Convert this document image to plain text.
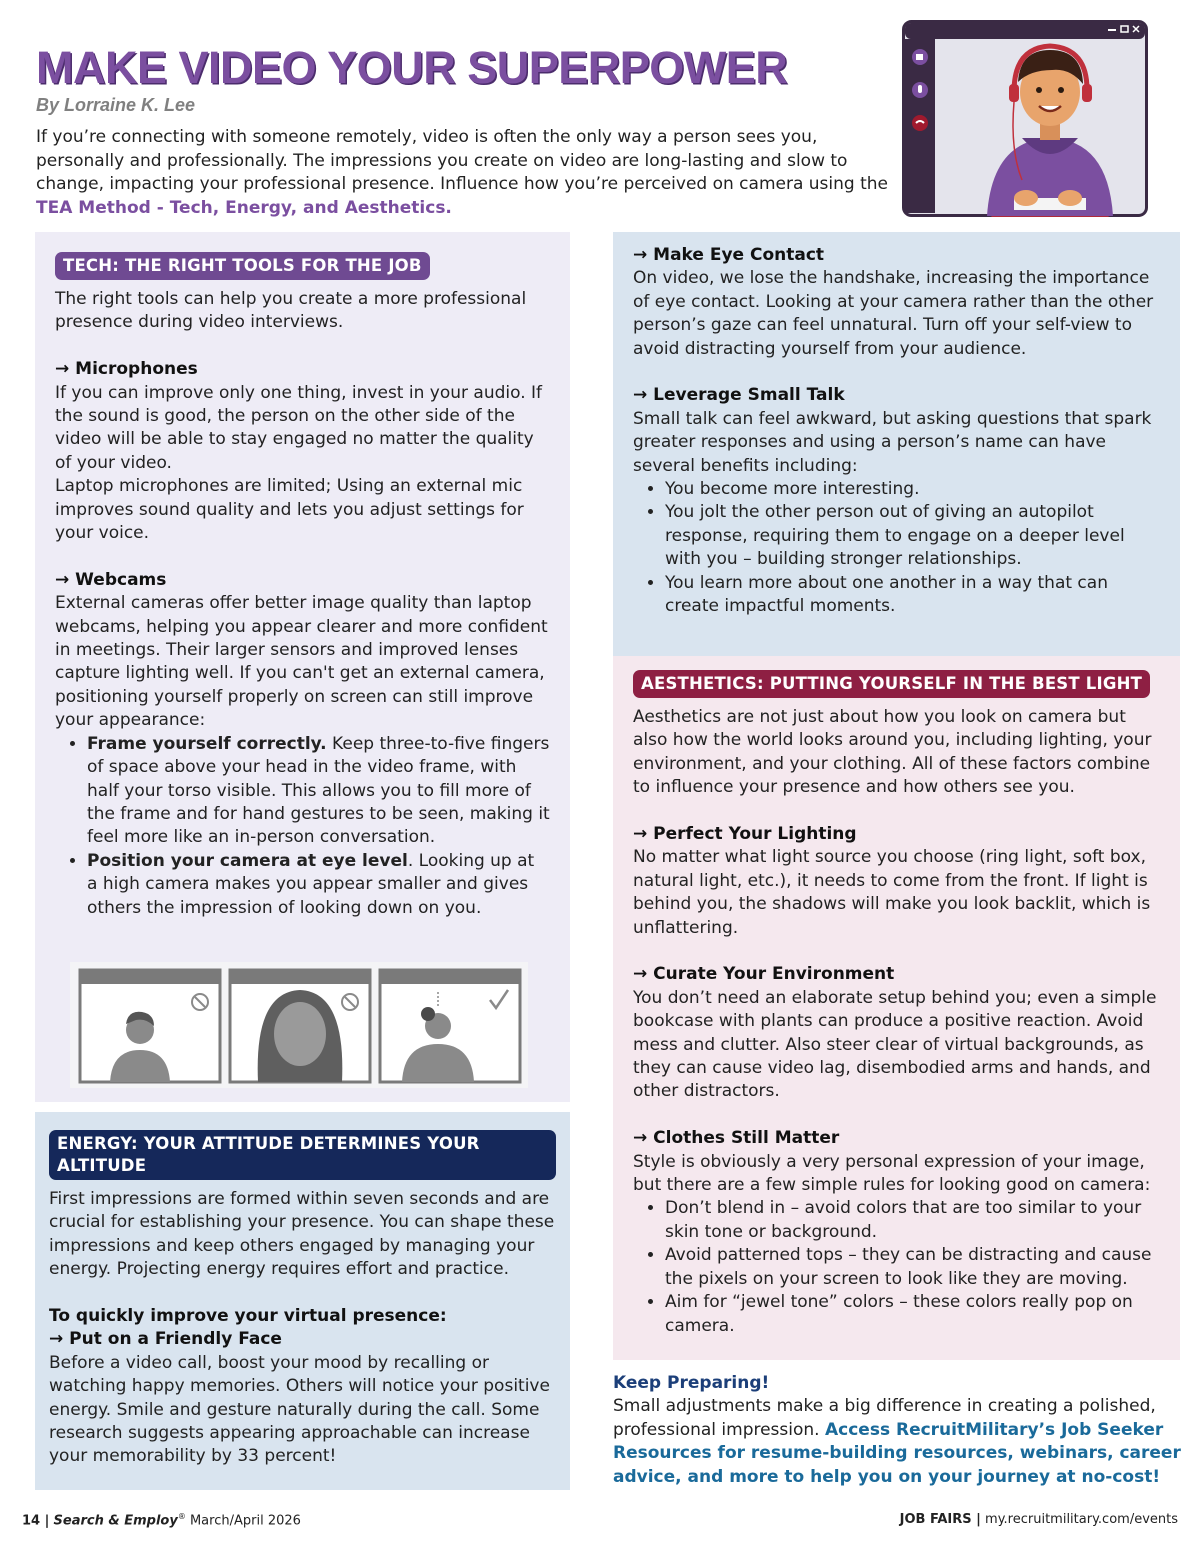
MAKE VIDEO YOUR SUPERPOWER
By Lorraine K. Lee

If you’re connecting with someone remotely, video is often the only way a person sees you, personally and professionally. The impressions you create on video are long-lasting and slow to change, impacting your professional presence. Influence how you’re perceived on camera using the TEA Method - Tech, Energy, and Aesthetics.

TECH: THE RIGHT TOOLS FOR THE JOB

The right tools can help you create a more professional presence during video interviews.

→ Microphones

If you can improve only one thing, invest in your audio. If the sound is good, the person on the other side of the video will be able to stay engaged no matter the quality of your video.

Laptop microphones are limited; Using an external mic improves sound quality and lets you adjust settings for your voice.

→ Webcams

External cameras offer better image quality than laptop webcams, helping you appear clearer and more confident in meetings. Their larger sensors and improved lenses capture lighting well. If you can't get an external camera, positioning yourself properly on screen can still improve your appearance:

• Frame yourself correctly. Keep three-to-five fingers of space above your head in the video frame, with half your torso visible. This allows you to fill more of the frame and for hand gestures to be seen, making it feel more like an in-person conversation.
• Position your camera at eye level. Looking up at a high camera makes you appear smaller and gives others the impression of looking down on you.
ENERGY: YOUR ATTITUDE DETERMINES YOUR ALTITUDE

First impressions are formed within seven seconds and are crucial for establishing your presence. You can shape these impressions and keep others engaged by managing your energy. Projecting energy requires effort and practice.

To quickly improve your virtual presence:

→ Put on a Friendly Face

Before a video call, boost your mood by recalling or watching happy memories. Others will notice your positive energy. Smile and gesture naturally during the call. Some research suggests appearing approachable can increase your memorability by 33 percent!

→ Make Eye Contact

On video, we lose the handshake, increasing the importance of eye contact. Looking at your camera rather than the other person’s gaze can feel unnatural. Turn off your self-view to avoid distracting yourself from your audience.

→ Leverage Small Talk

Small talk can feel awkward, but asking questions that spark greater responses and using a person’s name can have several benefits including:

• You become more interesting.
• You jolt the other person out of giving an autopilot response, requiring them to engage on a deeper level with you – building stronger relationships.
• You learn more about one another in a way that can create impactful moments.
AESTHETICS: PUTTING YOURSELF IN THE BEST LIGHT

Aesthetics are not just about how you look on camera but also how the world looks around you, including lighting, your environment, and your clothing. All of these factors combine to influence your presence and how others see you.

→ Perfect Your Lighting

No matter what light source you choose (ring light, soft box, natural light, etc.), it needs to come from the front. If light is behind you, the shadows will make you look backlit, which is unflattering.

→ Curate Your Environment

You don’t need an elaborate setup behind you; even a simple bookcase with plants can produce a positive reaction. Avoid mess and clutter. Also steer clear of virtual backgrounds, as they can cause video lag, disembodied arms and hands, and other distractors.

→ Clothes Still Matter

Style is obviously a very personal expression of your image, but there are a few simple rules for looking good on camera:

• Don’t blend in – avoid colors that are too similar to your skin tone or background.
• Avoid patterned tops – they can be distracting and cause the pixels on your screen to look like they are moving.
• Aim for “jewel tone” colors – these colors really pop on camera.

Keep Preparing!

Small adjustments make a big difference in creating a polished, professional impression. Access RecruitMilitary’s Job Seeker Resources for resume-building resources, webinars, career advice, and more to help you on your journey at no-cost!

14 | Search & Employ® March/April 2026	JOB FAIRS | my.recruitmilitary.com/events
